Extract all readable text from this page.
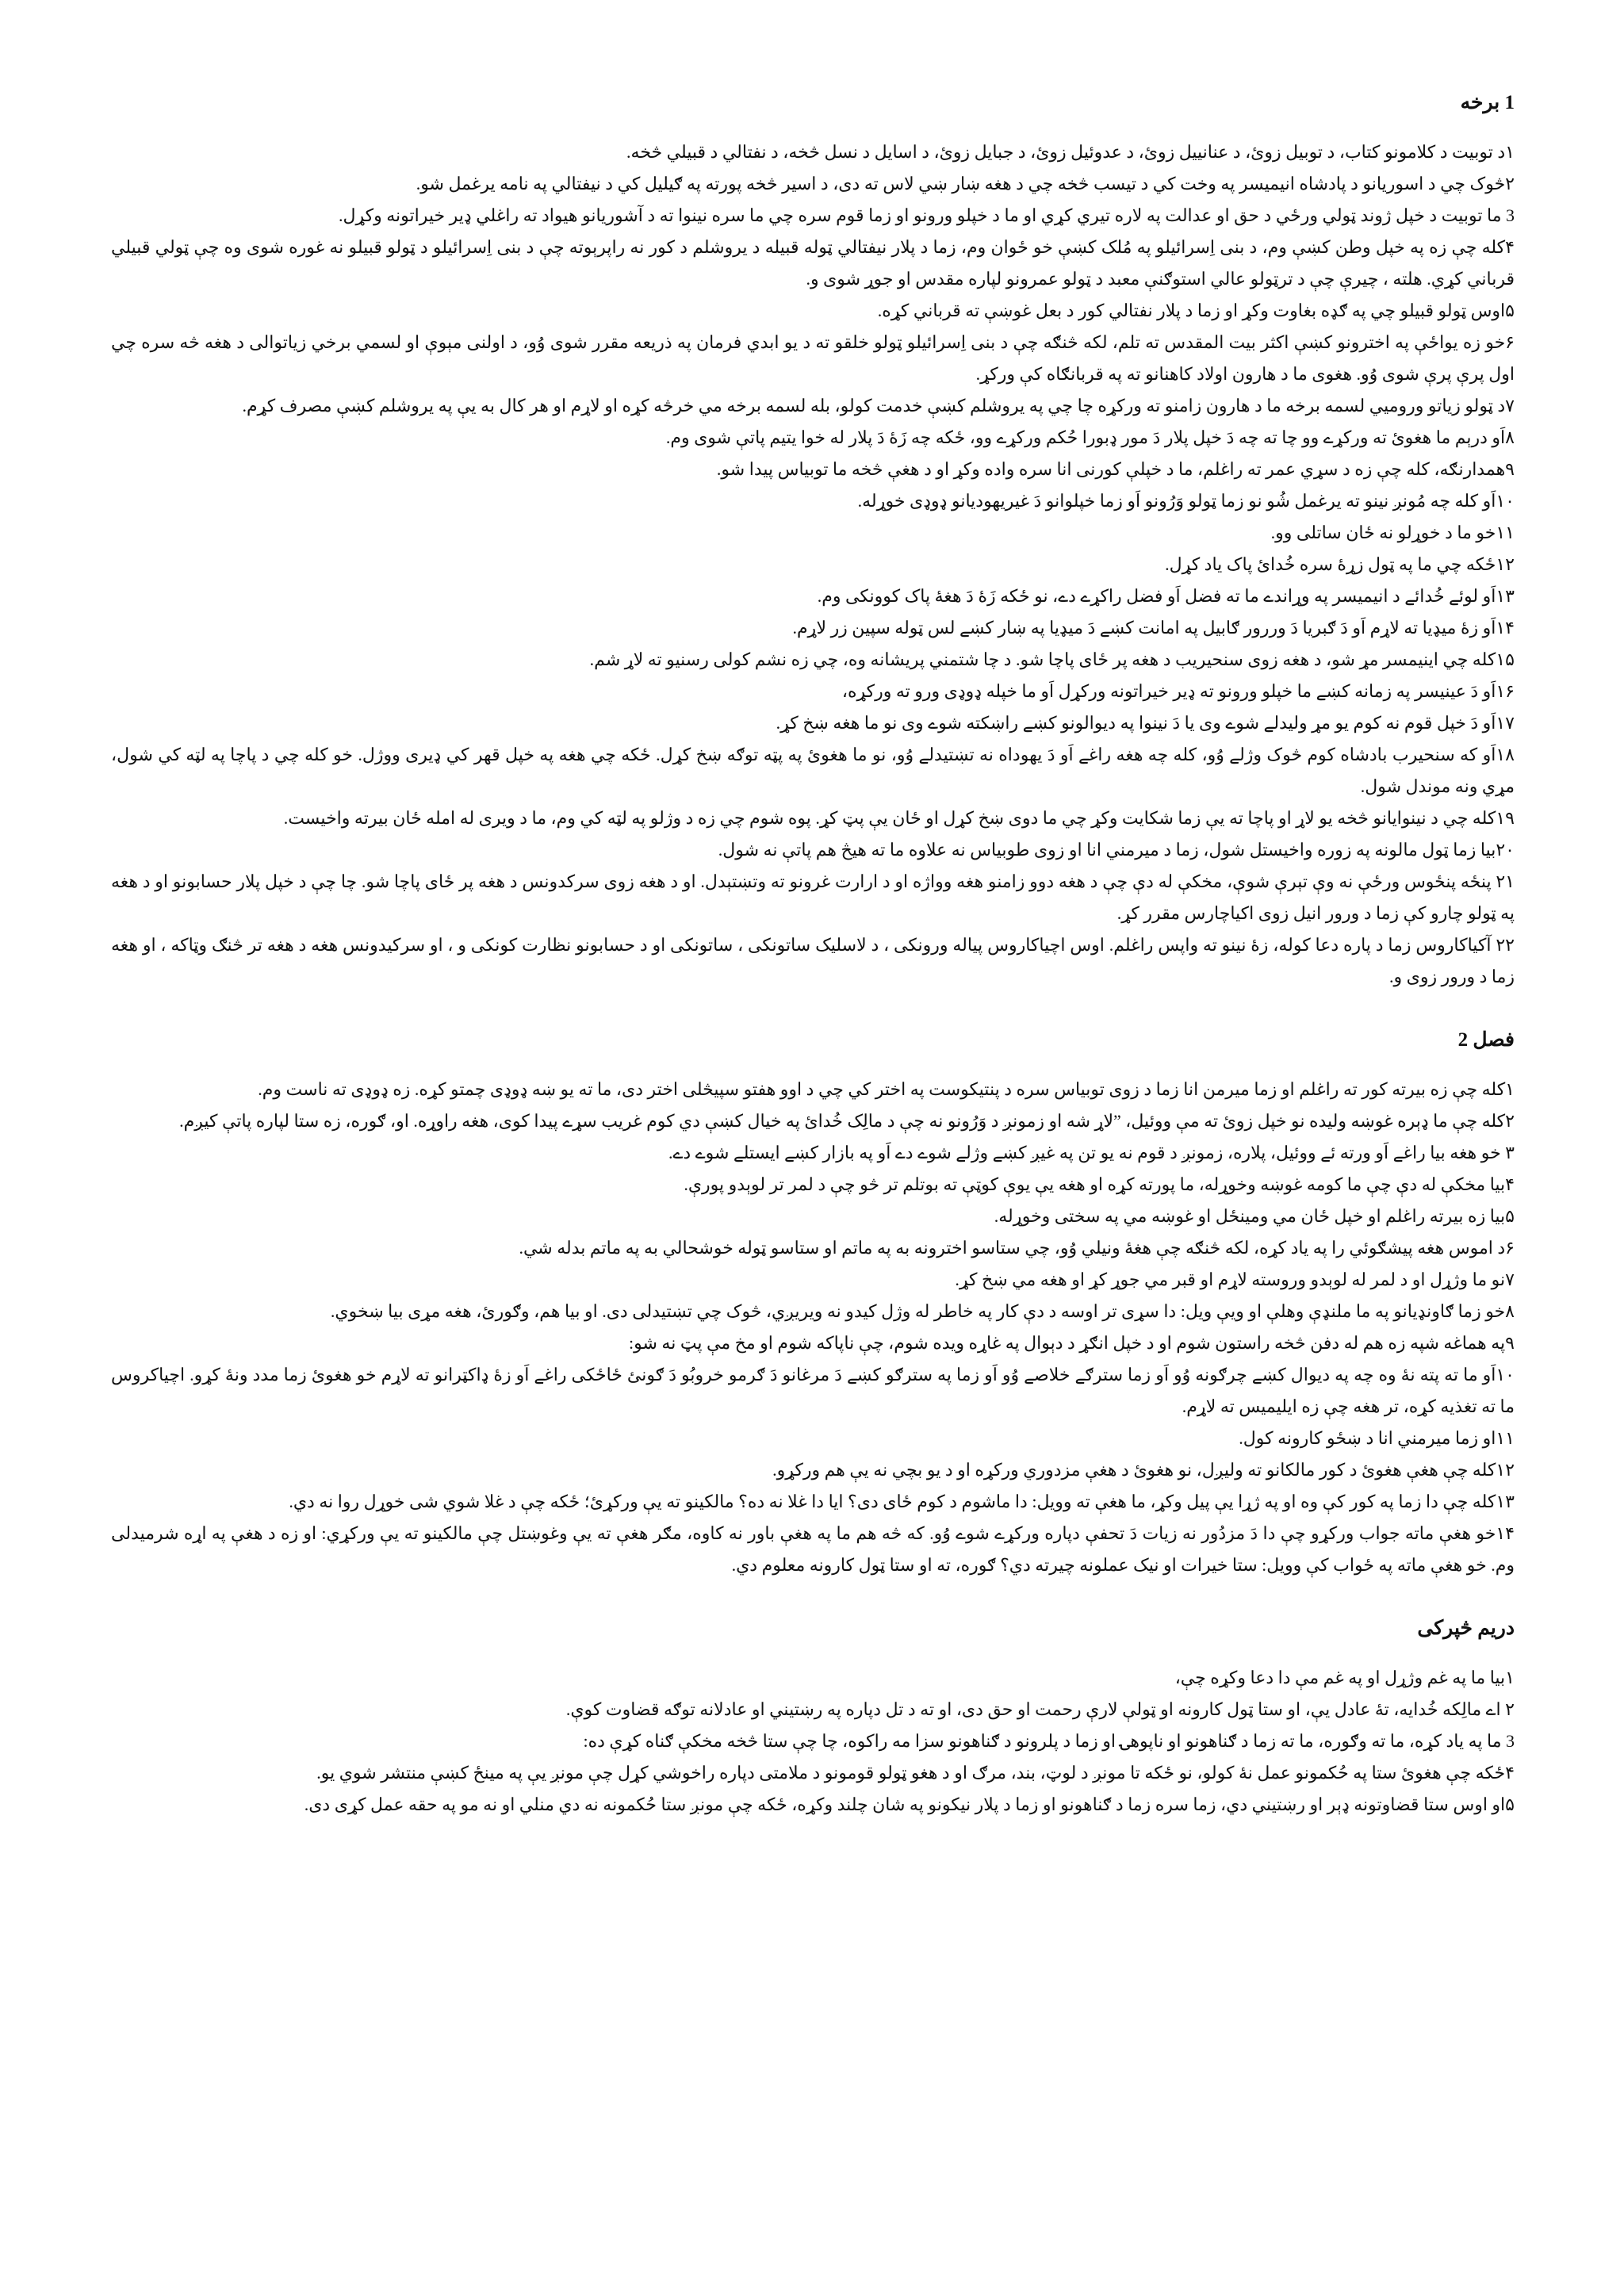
1 برخه

۱د توبیت د کلامونو کتاب، د توبیل زوئ، د عنانییل زوئ، د عدوئیل زوئ، د جبایل زوئ، د اسایل د نسل څخه، د نفتالي د قبیلي څخه.

۲څوک چي د اسوریانو د پادشاه انیمیسر په وخت کي د تیسب څخه چي د هغه ښار ښي لاس ته دی، د اسیر څخه پورته په ګیلیل کي د نیفتالي په نامه یرغمل شو.

3 ما توبیت د خپل ژوند ټولي ورځي د حق او عدالت په لاره تیري کړي او ما د خپلو ورونو او زما قوم سره چي ما سره نینوا ته د آشوریانو هیواد ته راغلي ډیر خیراتونه وکړل.

۴کله چې زه په خپل وطن کښې وم، د بنی اِسرائیلو په مُلک کښې خو ځوان وم، زما د پلار نیفتالي ټوله قبیله د یروشلم د کور نه راپرېوته چې د بنی اِسرائیلو د ټولو قبیلو نه غوره شوی وه چې ټولي قبیلي قرباني کړي. هلته ، چیرې چې د ترټولو عالي استوګنې معبد د ټولو عمرونو لپاره مقدس او جوړ شوی و.

۵اوس ټولو قبیلو چي په ګډه بغاوت وکړ او زما د پلار نفتالي کور د بعل غوښې ته قرباني کړه.

۶خو زه یواځې په اخترونو کښې اکثر بیت المقدس ته تلم، لکه څنګه چې د بنی اِسرائیلو ټولو خلقو ته د یو ابدي فرمان په ذریعه مقرر شوی وُو، د اولنی مېوې او لسمي برخي زیاتوالی د هغه څه سره چي اول پرې پرې شوی وُو. هغوی ما د هارون اولاد کاهنانو ته په قربانګاه کې ورکړ.

۷د ټولو زیاتو وروميي لسمه برخه ما د هارون زامنو ته ورکړه چا چي په یروشلم کښې خدمت کولو، بله لسمه برخه مي خرڅه کړه او لاړم او هر کال به یې په یروشلم کښې مصرف کړم.

۸اَو درېم ما هغوئ ته ورکړے وو چا ته چه دَ خپل پلار دَ مور ډبورا حُکم ورکړے وو، ځکه چه زَهٔ دَ پلار له خوا یتیم پاتې شوی وم.

۹همدارنګه، کله چې زه د سړي عمر ته راغلم، ما د خپلې کورنی انا سره واده وکړ او د هغې څخه ما توبیاس پیدا شو.

۱۰اَو کله چه مُونږ نینو ته یرغمل شُو نو زما ټولو وَرُونو اَو زما خپلوانو دَ غیریهودیانو ډوډی خوړله.

۱۱خو ما د خوړلو نه ځان ساتلی وو.

۱۲ځکه چي ما په ټول زړهٔ سره خُدائ پاک یاد کړل.

۱۳اَو لوئے خُدائے د انیمیسر په وړاندے ما ته فضل اَو فضل راکړے دے، نو ځکه زَهٔ دَ هغهٔ پاک کوونکی وم.

۱۴اَو زهٔ میډیا ته لاړم اَو دَ ګبریا دَ وررور ګابیل په امانت کښے دَ میډیا په ښار کښے لس ټوله سپین زر لاړم.

۱۵کله چي اینیمسر مړ شو، د هغه زوی سنحیریب د هغه پر ځای پاچا شو. د چا شتمني پریشانه وه، چي زه نشم کولی رسنیو ته لاړ شم.

۱۶اَو دَ عینیسر په زمانه کښے ما خپلو ورونو ته ډیر خیراتونه ورکړل اَو ما خپله ډوډی ورو ته ورکړه،

۱۷اَو دَ خپل قوم نه کوم یو مړ ولیدلے شوے وی یا دَ نینوا په دیوالونو کښے راښکته شوے وی نو ما هغه ښخ کړ.

۱۸اَو که سنحیرب بادشاه کوم څوک وژلے وُو، کله چه هغه راغے اَو دَ یهوداه نه تښتیدلے وُو، نو ما هغوئ په پټه توګه ښخ کړل. ځکه چي هغه په خپل قهر کي ډیری ووژل. خو کله چي د پاچا په لټه کي شول، مړي ونه موندل شول.

۱۹کله چي د نینوایانو څخه یو لاړ او پاچا ته یې زما شکایت وکړ چي ما دوی ښخ کړل او ځان یې پټ کړ. پوه شوم چي زه د وژلو په لټه کي وم، ما د ویری له امله ځان بیرته واخیست.

۲۰بیا زما ټول مالونه په زوره واخیستل شول، زما د میرمني انا او زوی طوبیاس نه علاوه ما ته هیڅ هم پاتې نه شول.

۲۱ پنځه پنځوس ورځې نه وې تېرې شوې، مخکې له دې چې د هغه دوو زامنو هغه وواژه او د ارارت غرونو ته وتښتېدل. او د هغه زوی سرکدونس د هغه پر ځای پاچا شو. چا چې د خپل پلار حسابونو او د هغه په ټولو چارو کې زما د ورور انیل زوی اکیاچارس مقرر کړ.

۲۲ آکیاکاروس زما د پاره دعا کوله، زهٔ نینو ته واپس راغلم. اوس اچیاکاروس پیاله ورونکی ، د لاسلیک ساتونکی ، ساتونکی او د حسابونو نظارت کونکی و ، او سرکیدونس هغه د هغه تر څنګ وټاکه ، او هغه زما د ورور زوی و.

فصل 2

۱کله چې زه بیرته کور ته راغلم او زما میرمن انا زما د زوی توبیاس سره د پنتیکوست په اختر کي چي د اوو هفتو سپیڅلی اختر دی، ما ته یو ښه ډوډی چمتو کړه. زه ډوډی ته ناست وم.

۲کله چې ما ډېره غوښه ولیده نو خپل زوئ ته مې ووئیل، ”لاړ شه او زمونږ د وَرُونو نه چې د مالِک خُدائ په خیال کښې دي کوم غریب سړے پیدا کوی، هغه راوړه. او، ګوره، زه ستا لپاره پاتې کیږم.

۳ خو هغه بیا راغے اَو ورته ئے ووئیل، پلاره، زمونږ د قوم نه یو تن په غیږ کښے وژلے شوے دے اَو په بازار کښے ایستلے شوے دے.

۴بیا مخکې له دې چې ما کومه غوښه وخوړله، ما پورته کړه او هغه یې یوې کوټې ته بوتلم تر څو چې د لمر تر لوېدو پورې.

۵بیا زه بیرته راغلم او خپل ځان مي ومینځل او غوښه مي په سختی وخوړله.

۶د اموس هغه پیشګوئي را په یاد کړه، لکه څنګه چې هغهٔ ونیلي وُو، چي ستاسو اخترونه به په ماتم او ستاسو ټوله خوشحالي به په ماتم بدله شي.

۷نو ما وژړل او د لمر له لوېدو وروسته لاړم او قبر مي جوړ کړ او هغه مي ښخ کړ.

۸خو زما ګاونډیانو په ما ملنډې وهلې او ویې ویل: دا سړی تر اوسه د دې کار په خاطر له وژل کیدو نه ویریږي، څوک چي تښتیدلی دی. او بیا هم، وګورئ، هغه مړی بیا ښخوي.

۹په هماغه شپه زه هم له دفن څخه راستون شوم او د خپل انګړ د دېوال په غاړه ویده شوم، چې ناپاکه شوم او مخ مې پټ نه شو:

۱۰اَو ما ته پته نهٔ وه چه په دیوال کښے چرګونه وُو اَو زما سترګے خلاصے وُو اَو زما په سترګو کښے دَ مرغانو دَ ګرمو خروبُو دَ ګونئ ځاځکی راغے اَو زهٔ ډاکټرانو ته لاړم خو هغوئ زما مدد ونهٔ کړو. اچیاکروس ما ته تغذیه کړه، تر هغه چې زه ایلیمیس ته لاړم.

۱۱او زما میرمني انا د ښځو کارونه کول.

۱۲کله چې هغې هغوئ د کور مالکانو ته ولیږل، نو هغوئ د هغې مزدوري ورکړه او د یو بچي نه یې هم ورکړو.

۱۳کله چې دا زما په کور کې وه او په ژړا یې پیل وکړ، ما هغې ته وویل: دا ماشوم د کوم ځای دی؟ ایا دا غلا نه ده؟ مالکینو ته یې ورکړئ؛ ځکه چې د غلا شوي شی خوړل روا نه دي.

۱۴خو هغې ماته جواب ورکړو چې دا دَ مزدُور نه زیات دَ تحفې دپاره ورکړے شوے وُو. که څه هم ما په هغې باور نه کاوه، مګر هغې ته یې وغوښتل چې مالکینو ته یې ورکړي: او زه د هغې په اړه شرمیدلی وم. خو هغې ماته په ځواب کې وویل: ستا خیرات او نیک عملونه چیرته دي؟ ګوره، ته او ستا ټول کارونه معلوم دي.

دریم څپرکی

۱بیا ما په غم وژړل او په غم مې دا دعا وکړه چې،

۲ اے مالِکه خُدایه، تهٔ عادل یې، او ستا ټول کارونه او ټولې لارې رحمت او حق دی، او ته د تل دپاره په رښتیني او عادلانه توګه قضاوت کوې.

3 ما په یاد کړه، ما ته وګوره، ما ته زما د ګناهونو او ناپوهۍ او زما د پلرونو د ګناهونو سزا مه راکوه، چا چې ستا څخه مخکې ګناه کړې ده:

۴ځکه چې هغوئ ستا په حُکمونو عمل نهٔ کولو، نو ځکه تا مونږ د لوټ، بند، مرګ او د هغو ټولو قومونو د ملامتی دپاره راخوشي کړل چې مونږ یې په مینځ کښې منتشر شوي یو.

۵او اوس ستا قضاوتونه ډېر او رښتیني دي، زما سره زما د ګناهونو او زما د پلار نیکونو په شان چلند وکړه، ځکه چې مونږ ستا حُکمونه نه دي منلي او نه مو په حقه عمل کړی دی.
